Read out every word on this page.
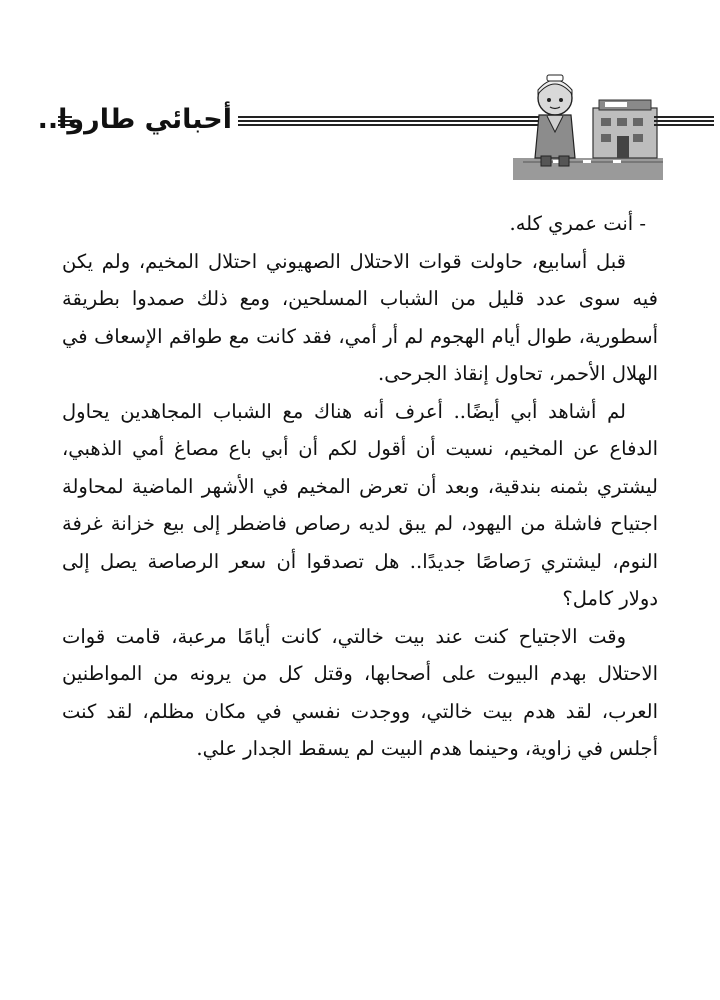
أحبائي طاروا..

- أنت عمري كله.

قبل أسابيع، حاولت قوات الاحتلال الصهيوني احتلال المخيم، ولم يكن فيه سوى عدد قليل من الشباب المسلحين، ومع ذلك صمدوا بطريقة أسطورية، طوال أيام الهجوم لم أر أمي، فقد كانت مع طواقم الإسعاف في الهلال الأحمر، تحاول إنقاذ الجرحى.

لم أشاهد أبي أيضًا.. أعرف أنه هناك مع الشباب المجاهدين يحاول الدفاع عن المخيم، نسيت أن أقول لكم أن أبي باع مصاغ أمي الذهبي، ليشتري بثمنه بندقية، وبعد أن تعرض المخيم في الأشهر الماضية لمحاولة اجتياح فاشلة من اليهود، لم يبق لديه رصاص فاضطر إلى بيع خزانة غرفة النوم، ليشتري رَصاصًا جديدًا.. هل تصدقوا أن سعر الرصاصة يصل إلى دولار كامل؟

وقت الاجتياح كنت عند بيت خالتي، كانت أيامًا مرعبة، قامت قوات الاحتلال بهدم البيوت على أصحابها، وقتل كل من يرونه من المواطنين العرب، لقد هدم بيت خالتي، ووجدت نفسي في مكان مظلم، لقد كنت أجلس في زاوية، وحينما هدم البيت لم يسقط الجدار علي.
